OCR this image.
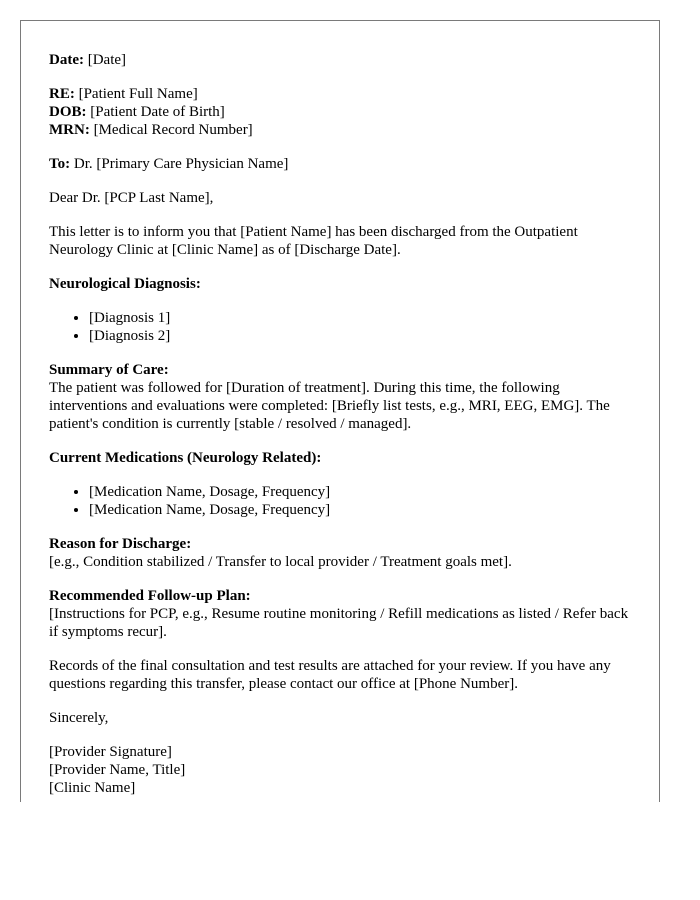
Date: [Date]

RE: [Patient Full Name]
DOB: [Patient Date of Birth]
MRN: [Medical Record Number]

To: Dr. [Primary Care Physician Name]

Dear Dr. [PCP Last Name],

This letter is to inform you that [Patient Name] has been discharged from the Outpatient Neurology Clinic at [Clinic Name] as of [Discharge Date].

Neurological Diagnosis:

• [Diagnosis 1]
• [Diagnosis 2]

Summary of Care:
The patient was followed for [Duration of treatment]. During this time, the following interventions and evaluations were completed: [Briefly list tests, e.g., MRI, EEG, EMG]. The patient's condition is currently [stable / resolved / managed].

Current Medications (Neurology Related):

• [Medication Name, Dosage, Frequency]
• [Medication Name, Dosage, Frequency]

Reason for Discharge:
[e.g., Condition stabilized / Transfer to local provider / Treatment goals met].

Recommended Follow-up Plan:
[Instructions for PCP, e.g., Resume routine monitoring / Refill medications as listed / Refer back if symptoms recur].

Records of the final consultation and test results are attached for your review. If you have any questions regarding this transfer, please contact our office at [Phone Number].

Sincerely,

[Provider Signature]
[Provider Name, Title]
[Clinic Name]
